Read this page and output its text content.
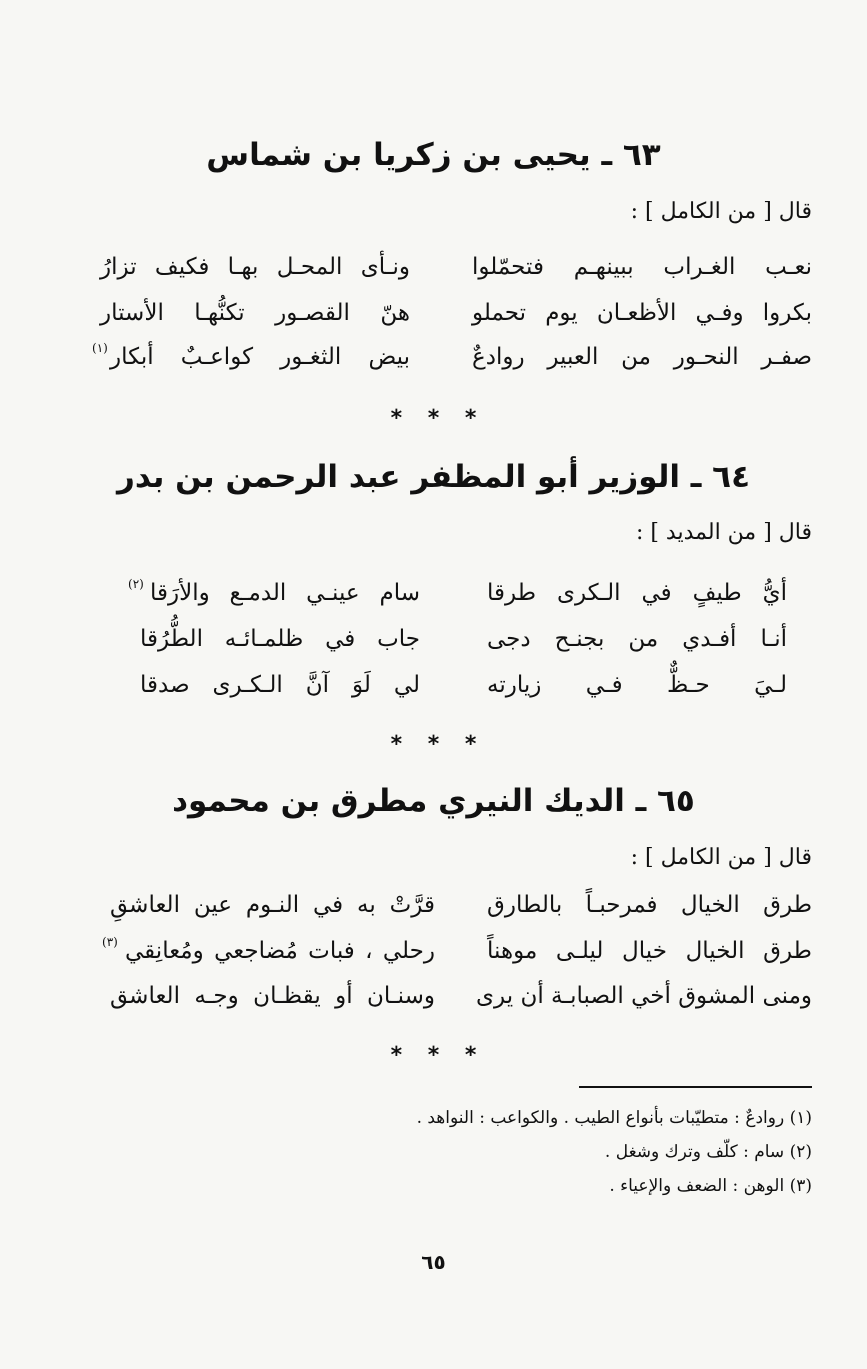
٦٣ ـ يحيى بن زكريا بن شماس
قال [ من الكامل ] :
نعـب الغـراب ببينهـم فتحمّلوا
ونـأى المحـل بهـا فكيف تزارُ
بكروا وفـي الأظعـان يوم تحملو
هنّ القصـور تكنُّهـا الأستار
صفـر النحـور من العبير روادعٌ
بيض الثغـور كواعـبٌ أبكار
(١)
* * *
٦٤ ـ الوزير أبو المظفر عبد الرحمن بن بدر
قال [ من المديد ] :
أيُّ طيفٍ في الـكرى طرقا
سام عينـي الدمـع والأرَقا
(٢)
أنـا أفـدي من بجنـح دجى
جاب في ظلمـائـه الطُّرُقا
لـيَ حـظٌّ فـي زيارته
لي لَوَ آنَّ الـكـرى صدقا
* * *
٦٥ ـ الديك النيري مطرق بن محمود
قال [ من الكامل ] :
طرق الخيال فمرحبـاً بالطارق
قرَّتْ به في النـوم عين العاشقِ
طرق الخيال خيال ليلـى موهناً
رحلي ، فبات مُضاجعي ومُعانِقي
(٣)
ومنى المشوق أخي الصبابـة أن يرى
وسنـان أو يقظـان وجـه العاشق
* * *
(١) روادعٌ : متطيّبات بأنواع الطيب . والكواعب : النواهد .
(٢) سام : كلّف وترك وشغل .
(٣) الوهن : الضعف والإعياء .
٦٥
